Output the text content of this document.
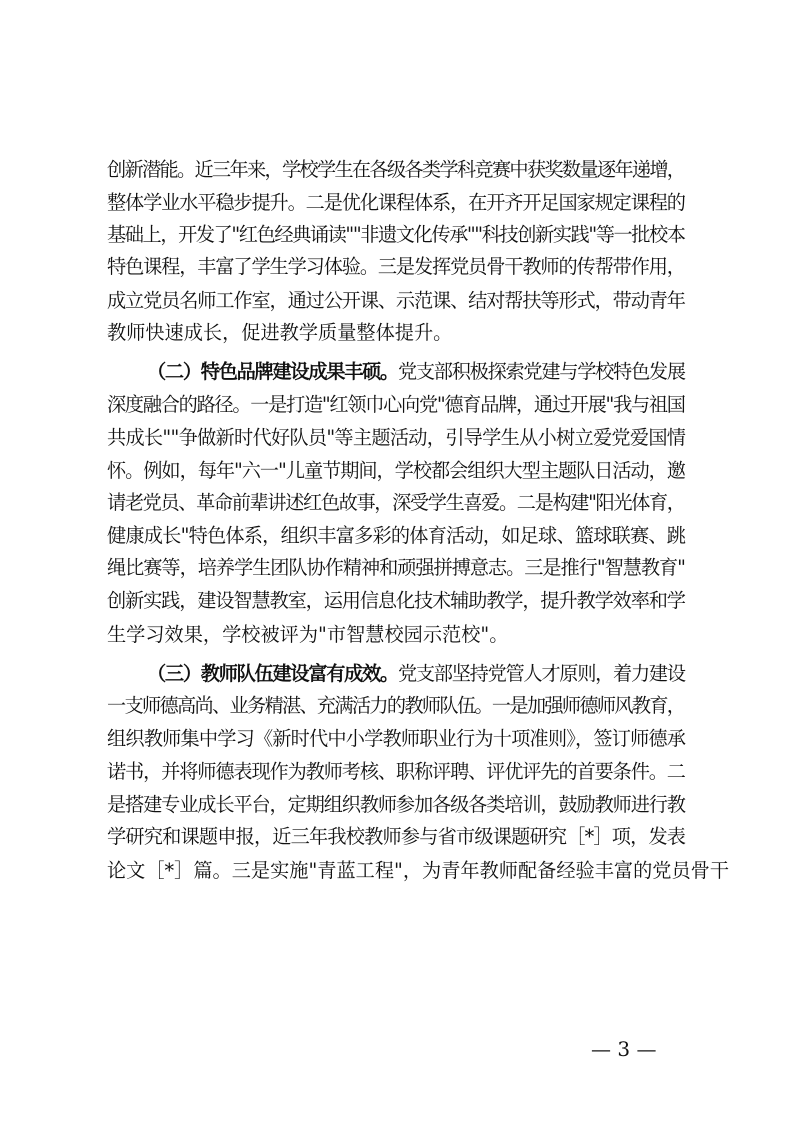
创新潜能。近三年来，学校学生在各级各类学科竞赛中获奖数量逐年递增，
整体学业水平稳步提升。二是优化课程体系，在开齐开足国家规定课程的
基础上，开发了"红色经典诵读""非遗文化传承""科技创新实践"等一批校本
特色课程，丰富了学生学习体验。三是发挥党员骨干教师的传帮带作用，
成立党员名师工作室，通过公开课、示范课、结对帮扶等形式，带动青年
教师快速成长，促进教学质量整体提升。
（二）特色品牌建设成果丰硕。党支部积极探索党建与学校特色发展
深度融合的路径。一是打造"红领巾心向党"德育品牌，通过开展"我与祖国
共成长""争做新时代好队员"等主题活动，引导学生从小树立爱党爱国情
怀。例如，每年"六一"儿童节期间，学校都会组织大型主题队日活动，邀
请老党员、革命前辈讲述红色故事，深受学生喜爱。二是构建"阳光体育，
健康成长"特色体系，组织丰富多彩的体育活动，如足球、篮球联赛、跳
绳比赛等，培养学生团队协作精神和顽强拼搏意志。三是推行"智慧教育"
创新实践，建设智慧教室，运用信息化技术辅助教学，提升教学效率和学
生学习效果，学校被评为"市智慧校园示范校"。
（三）教师队伍建设富有成效。党支部坚持党管人才原则，着力建设
一支师德高尚、业务精湛、充满活力的教师队伍。一是加强师德师风教育，
组织教师集中学习《新时代中小学教师职业行为十项准则》，签订师德承
诺书，并将师德表现作为教师考核、职称评聘、评优评先的首要条件。二
是搭建专业成长平台，定期组织教师参加各级各类培训，鼓励教师进行教
学研究和课题申报，近三年我校教师参与省市级课题研究［*］项，发表
论文［*］篇。三是实施"青蓝工程"，为青年教师配备经验丰富的党员骨干
— 3 —
